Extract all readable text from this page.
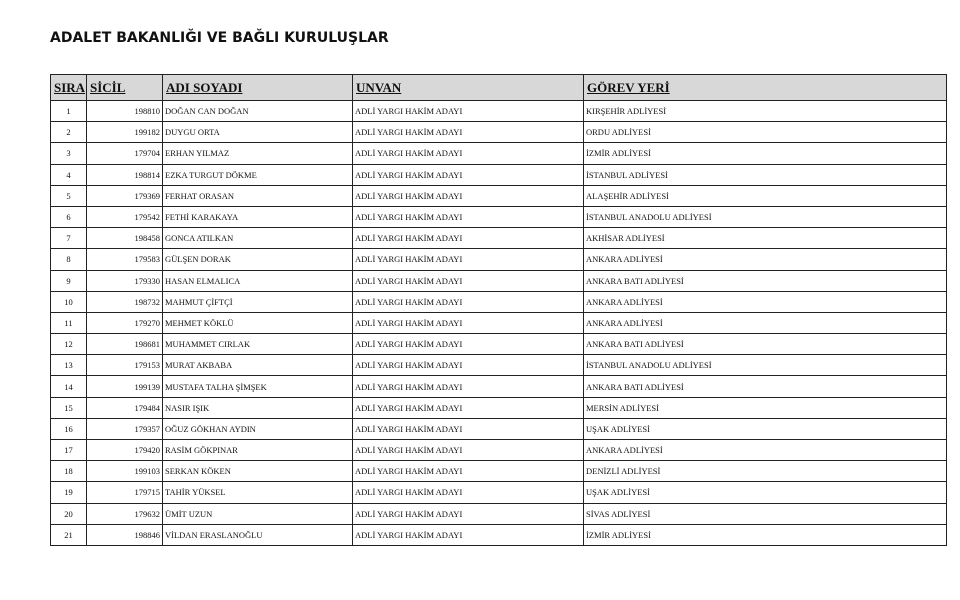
ADALET BAKANLIĞI VE BAĞLI KURULUŞLAR
SIRA	SİCİL	ADI SOYADI	UNVAN	GÖREV YERİ
1	198810	DOĞAN CAN DOĞAN	ADLİ YARGI HAKİM ADAYI	KIRŞEHİR ADLİYESİ
2	199182	DUYGU ORTA	ADLİ YARGI HAKİM ADAYI	ORDU ADLİYESİ
3	179704	ERHAN YILMAZ	ADLİ YARGI HAKİM ADAYI	İZMİR ADLİYESİ
4	198814	EZKA TURGUT DÖKME	ADLİ YARGI HAKİM ADAYI	İSTANBUL ADLİYESİ
5	179369	FERHAT ORASAN	ADLİ YARGI HAKİM ADAYI	ALAŞEHİR ADLİYESİ
6	179542	FETHİ KARAKAYA	ADLİ YARGI HAKİM ADAYI	İSTANBUL ANADOLU ADLİYESİ
7	198458	GONCA ATILKAN	ADLİ YARGI HAKİM ADAYI	AKHİSAR ADLİYESİ
8	179583	GÜLŞEN DORAK	ADLİ YARGI HAKİM ADAYI	ANKARA ADLİYESİ
9	179330	HASAN ELMALICA	ADLİ YARGI HAKİM ADAYI	ANKARA BATI ADLİYESİ
10	198732	MAHMUT ÇİFTÇİ	ADLİ YARGI HAKİM ADAYI	ANKARA ADLİYESİ
11	179270	MEHMET KÖKLÜ	ADLİ YARGI HAKİM ADAYI	ANKARA ADLİYESİ
12	198681	MUHAMMET CIRLAK	ADLİ YARGI HAKİM ADAYI	ANKARA BATI ADLİYESİ
13	179153	MURAT AKBABA	ADLİ YARGI HAKİM ADAYI	İSTANBUL ANADOLU ADLİYESİ
14	199139	MUSTAFA TALHA ŞİMŞEK	ADLİ YARGI HAKİM ADAYI	ANKARA BATI ADLİYESİ
15	179484	NASIR IŞIK	ADLİ YARGI HAKİM ADAYI	MERSİN ADLİYESİ
16	179357	OĞUZ GÖKHAN AYDIN	ADLİ YARGI HAKİM ADAYI	UŞAK ADLİYESİ
17	179420	RASİM GÖKPINAR	ADLİ YARGI HAKİM ADAYI	ANKARA ADLİYESİ
18	199103	SERKAN KÖKEN	ADLİ YARGI HAKİM ADAYI	DENİZLİ ADLİYESİ
19	179715	TAHİR YÜKSEL	ADLİ YARGI HAKİM ADAYI	UŞAK ADLİYESİ
20	179632	ÜMİT UZUN	ADLİ YARGI HAKİM ADAYI	SİVAS ADLİYESİ
21	198846	VİLDAN ERASLANOĞLU	ADLİ YARGI HAKİM ADAYI	İZMİR ADLİYESİ
